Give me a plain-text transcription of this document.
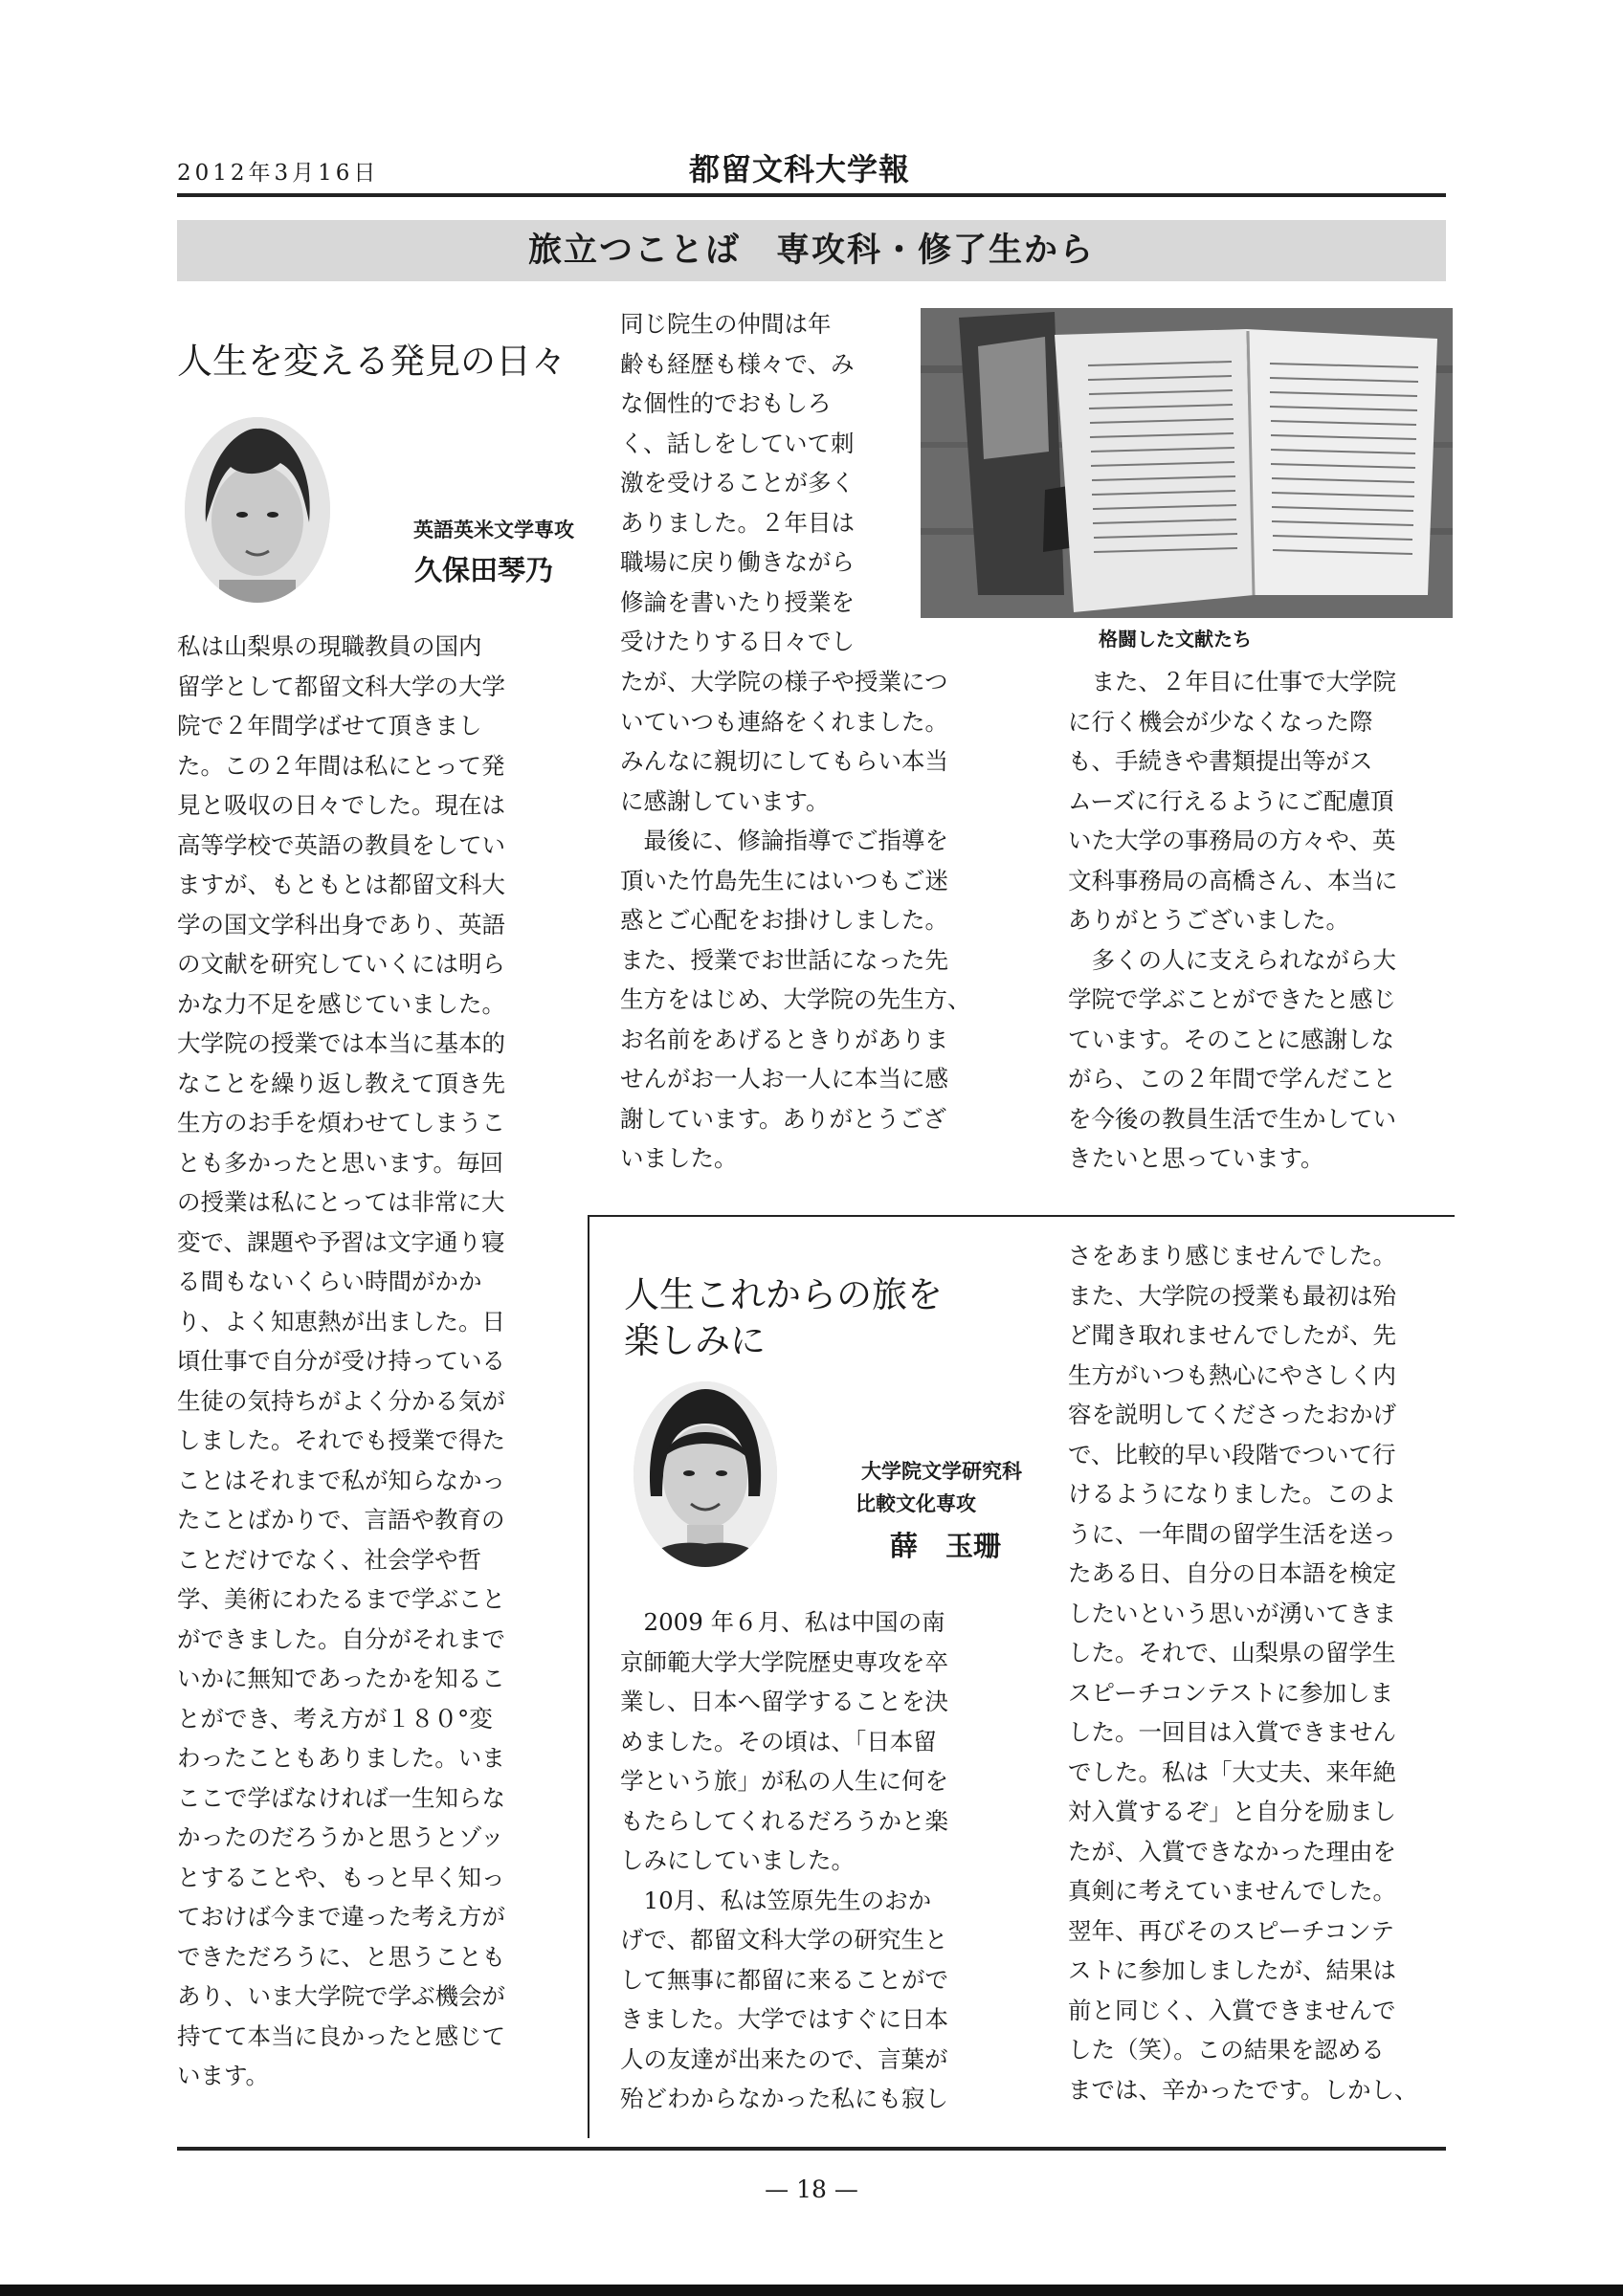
2012年3月16日	都留文科大学報
旅立つことば　専攻科・修了生から
人生を変える発見の日々
英語英米文学専攻
久保田琴乃
私は山梨県の現職教員の国内
留学として都留文科大学の大学
院で２年間学ばせて頂きまし
た。この２年間は私にとって発
見と吸収の日々でした。現在は
高等学校で英語の教員をしてい
ますが、もともとは都留文科大
学の国文学科出身であり、英語
の文献を研究していくには明ら
かな力不足を感じていました。
大学院の授業では本当に基本的
なことを繰り返し教えて頂き先
生方のお手を煩わせてしまうこ
とも多かったと思います。毎回
の授業は私にとっては非常に大
変で、課題や予習は文字通り寝
る間もないくらい時間がかか
り、よく知恵熱が出ました。日
頃仕事で自分が受け持っている
生徒の気持ちがよく分かる気が
しました。それでも授業で得た
ことはそれまで私が知らなかっ
たことばかりで、言語や教育の
ことだけでなく、社会学や哲
学、美術にわたるまで学ぶこと
ができました。自分がそれまで
いかに無知であったかを知るこ
とができ、考え方が１８０°変
わったこともありました。いま
ここで学ばなければ一生知らな
かったのだろうかと思うとゾッ
とすることや、もっと早く知っ
ておけば今まで違った考え方が
できただろうに、と思うことも
あり、いま大学院で学ぶ機会が
持てて本当に良かったと感じて
います。
同じ院生の仲間は年
齢も経歴も様々で、み
な個性的でおもしろ
く、話しをしていて刺
激を受けることが多く
ありました。２年目は
職場に戻り働きながら
修論を書いたり授業を
受けたりする日々でし
たが、大学院の様子や授業につ
いていつも連絡をくれました。
みんなに親切にしてもらい本当
に感謝しています。
　最後に、修論指導でご指導を
頂いた竹島先生にはいつもご迷
惑とご心配をお掛けしました。
また、授業でお世話になった先
生方をはじめ、大学院の先生方、
お名前をあげるときりがありま
せんがお一人お一人に本当に感
謝しています。ありがとうござ
いました。
格闘した文献たち
　また、２年目に仕事で大学院
に行く機会が少なくなった際
も、手続きや書類提出等がス
ムーズに行えるようにご配慮頂
いた大学の事務局の方々や、英
文科事務局の高橋さん、本当に
ありがとうございました。
　多くの人に支えられながら大
学院で学ぶことができたと感じ
ています。そのことに感謝しな
がら、この２年間で学んだこと
を今後の教員生活で生かしてい
きたいと思っています。
人生これからの旅を
楽しみに
大学院文学研究科
比較文化専攻
薛　玉珊
　2009 年６月、私は中国の南
京師範大学大学院歴史専攻を卒
業し、日本へ留学することを決
めました。その頃は、「日本留
学という旅」が私の人生に何を
もたらしてくれるだろうかと楽
しみにしていました。
　10月、私は笠原先生のおか
げで、都留文科大学の研究生と
して無事に都留に来ることがで
きました。大学ではすぐに日本
人の友達が出来たので、言葉が
殆どわからなかった私にも寂し
さをあまり感じませんでした。
また、大学院の授業も最初は殆
ど聞き取れませんでしたが、先
生方がいつも熱心にやさしく内
容を説明してくださったおかげ
で、比較的早い段階でついて行
けるようになりました。このよ
うに、一年間の留学生活を送っ
たある日、自分の日本語を検定
したいという思いが湧いてきま
した。それで、山梨県の留学生
スピーチコンテストに参加しま
した。一回目は入賞できません
でした。私は「大丈夫、来年絶
対入賞するぞ」と自分を励まし
たが、入賞できなかった理由を
真剣に考えていませんでした。
翌年、再びそのスピーチコンテ
ストに参加しましたが、結果は
前と同じく、入賞できませんで
した（笑）。この結果を認める
までは、辛かったです。しかし、
— 18 —
